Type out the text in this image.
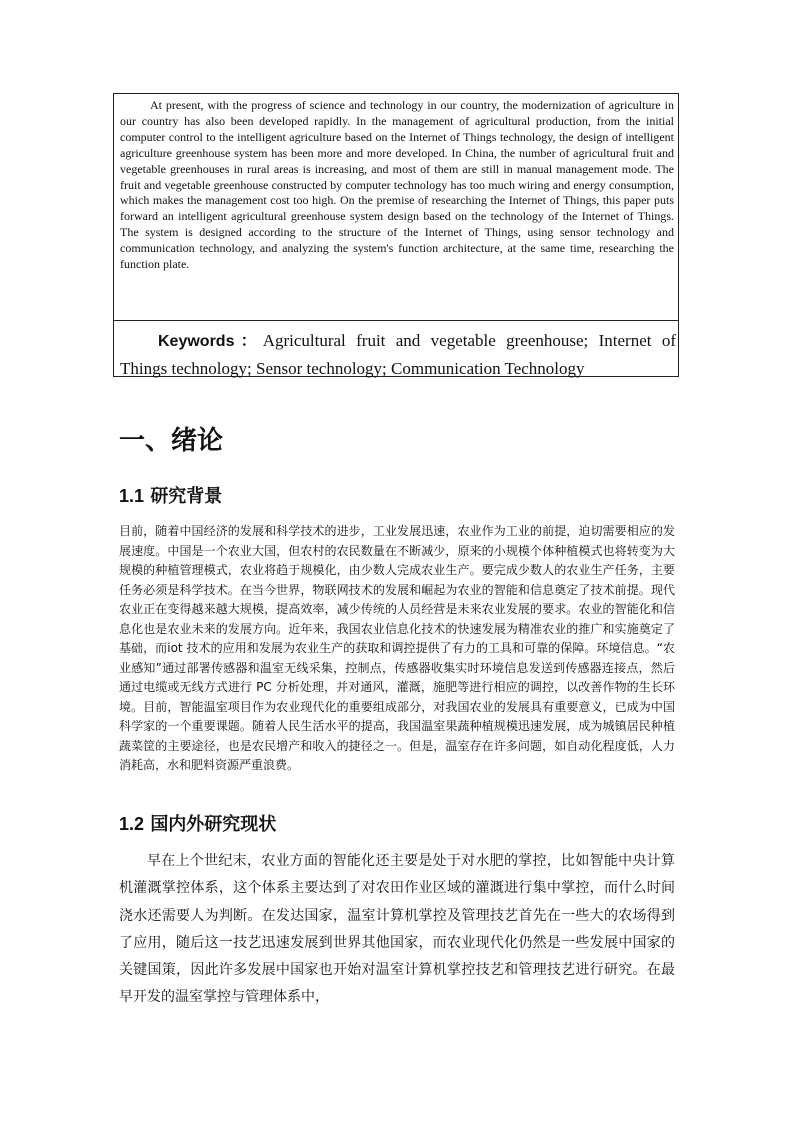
At present, with the progress of science and technology in our country, the modernization of agriculture in our country has also been developed rapidly. In the management of agricultural production, from the initial computer control to the intelligent agriculture based on the Internet of Things technology, the design of intelligent agriculture greenhouse system has been more and more developed. In China, the number of agricultural fruit and vegetable greenhouses in rural areas is increasing, and most of them are still in manual management mode. The fruit and vegetable greenhouse constructed by computer technology has too much wiring and energy consumption, which makes the management cost too high. On the premise of researching the Internet of Things, this paper puts forward an intelligent agricultural greenhouse system design based on the technology of the Internet of Things. The system is designed according to the structure of the Internet of Things, using sensor technology and communication technology, and analyzing the system's function architecture, at the same time, researching the function plate.

Keywords：Agricultural fruit and vegetable greenhouse; Internet of Things technology; Sensor technology; Communication Technology

一、绪论
1.1 研究背景

目前，随着中国经济的发展和科学技术的进步，工业发展迅速，农业作为工业的前提，迫切需要相应的发展速度。中国是一个农业大国，但农村的农民数量在不断减少，原来的小规模个体种植模式也将转变为大规模的种植管理模式，农业将趋于规模化，由少数人完成农业生产。要完成少数人的农业生产任务，主要任务必须是科学技术。在当今世界，物联网技术的发展和崛起为农业的智能和信息奠定了技术前提。现代农业正在变得越来越大规模，提高效率，减少传统的人员经营是未来农业发展的要求。农业的智能化和信息化也是农业未来的发展方向。近年来，我国农业信息化技术的快速发展为精准农业的推广和实施奠定了基础，而iot 技术的应用和发展为农业生产的获取和调控提供了有力的工具和可靠的保障。环境信息。“农业感知”通过部署传感器和温室无线采集，控制点，传感器收集实时环境信息发送到传感器连接点，然后通过电缆或无线方式进行 PC 分析处理，并对通风，灌溉，施肥等进行相应的调控，以改善作物的生长环境。目前，智能温室项目作为农业现代化的重要组成部分，对我国农业的发展具有重要意义，已成为中国科学家的一个重要课题。随着人民生活水平的提高，我国温室果蔬种植规模迅速发展，成为城镇居民种植蔬菜筐的主要途径，也是农民增产和收入的捷径之一。但是，温室存在许多问题，如自动化程度低，人力消耗高，水和肥料资源严重浪费。

1.2 国内外研究现状

早在上个世纪末，农业方面的智能化还主要是处于对水肥的掌控，比如智能中央计算机灌溉掌控体系，这个体系主要达到了对农田作业区域的灌溉进行集中掌控，而什么时间浇水还需要人为判断。在发达国家，温室计算机掌控及管理技艺首先在一些大的农场得到了应用，随后这一技艺迅速发展到世界其他国家，而农业现代化仍然是一些发展中国家的关键国策，因此许多发展中国家也开始对温室计算机掌控技艺和管理技艺进行研究。在最早开发的温室掌控与管理体系中，
